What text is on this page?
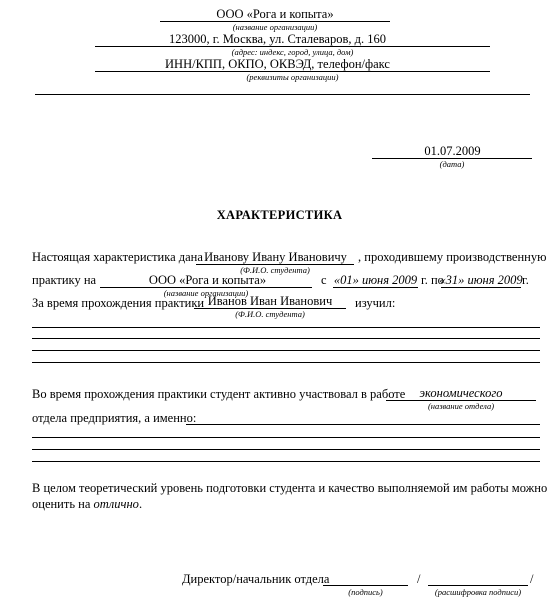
ООО «Рога и копыта»
(название организации)
123000, г. Москва, ул. Сталеваров, д. 160
(адрес: индекс, город, улица, дом)
ИНН/КПП, ОКПО, ОКВЭД, телефон/факс
(реквизиты организации)
01.07.2009
(дата)
ХАРАКТЕРИСТИКА
Настоящая характеристика дана Иванову Ивану Ивановичу , проходившему производственную
(Ф.И.О. студента)
практику на	ООО «Рога и копыта»
(название организации)
с «01» июня 2009 г. по
«31» июня 2009 г.
За время прохождения практики Иванов Иван Иванович	изучил:
(Ф.И.О. студента)
Во время прохождения практики студент активно участвовал в работе	экономического
(название отдела)
отдела предприятия, а именно:
В целом теоретический уровень подготовки студента и качество выполняемой им работы можно
оценить на отлично.
Директор/начальник отдела
(подпись)
/	/
(расшифровка подписи)
